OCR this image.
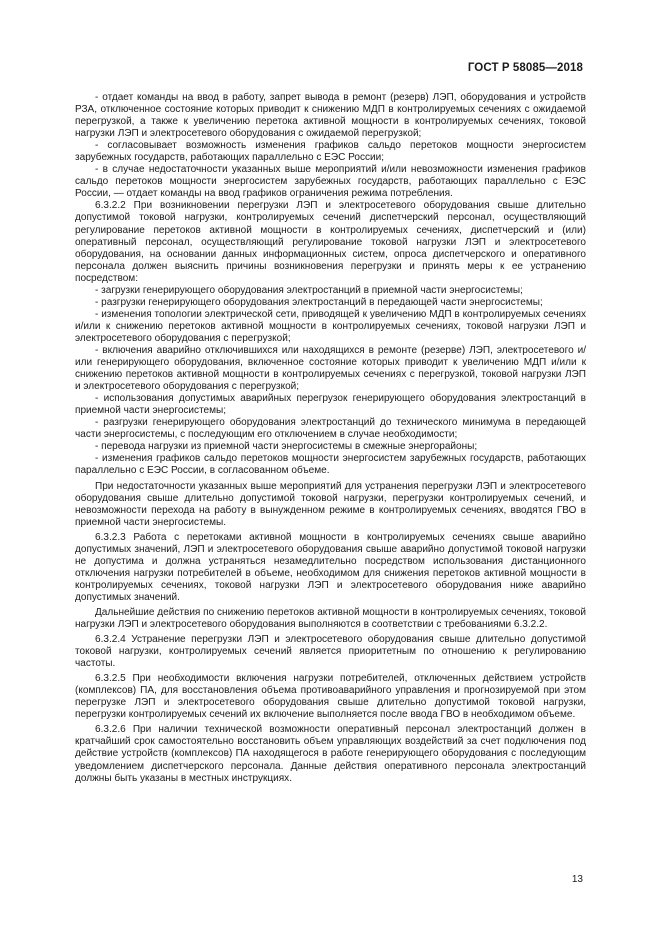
ГОСТ Р 58085—2018

- отдает команды на ввод в работу, запрет вывода в ремонт (резерв) ЛЭП, оборудования и устройств РЗА, отключенное состояние которых приводит к снижению МДП в контролируемых сечениях с ожидаемой перегрузкой, а также к увеличению перетока активной мощности в контролируемых сечениях, токовой нагрузки ЛЭП и электросетевого оборудования с ожидаемой перегрузкой;

- согласовывает возможность изменения графиков сальдо перетоков мощности энергосистем зарубежных государств, работающих параллельно с ЕЭС России;

- в случае недостаточности указанных выше мероприятий и/или невозможности изменения графиков сальдо перетоков мощности энергосистем зарубежных государств, работающих параллельно с ЕЭС России, — отдает команды на ввод графиков ограничения режима потребления.

6.3.2.2 При возникновении перегрузки ЛЭП и электросетевого оборудования свыше длительно допустимой токовой нагрузки, контролируемых сечений диспетчерский персонал, осуществляющий регулирование перетоков активной мощности в контролируемых сечениях, диспетчерский и (или) оперативный персонал, осуществляющий регулирование токовой нагрузки ЛЭП и электросетевого оборудования, на основании данных информационных систем, опроса диспетчерского и оперативного персонала должен выяснить причины возникновения перегрузки и принять меры к ее устранению посредством:

- загрузки генерирующего оборудования электростанций в приемной части энергосистемы;

- разгрузки генерирующего оборудования электростанций в передающей части энергосистемы;

- изменения топологии электрической сети, приводящей к увеличению МДП в контролируемых сечениях и/или к снижению перетоков активной мощности в контролируемых сечениях, токовой нагрузки ЛЭП и электросетевого оборудования с перегрузкой;

- включения аварийно отключившихся или находящихся в ремонте (резерве) ЛЭП, электросетевого и/или генерирующего оборудования, включенное состояние которых приводит к увеличению МДП и/или к снижению перетоков активной мощности в контролируемых сечениях с перегрузкой, токовой нагрузки ЛЭП и электросетевого оборудования с перегрузкой;

- использования допустимых аварийных перегрузок генерирующего оборудования электростанций в приемной части энергосистемы;

- разгрузки генерирующего оборудования электростанций до технического минимума в передающей части энергосистемы, с последующим его отключением в случае необходимости;

- перевода нагрузки из приемной части энергосистемы в смежные энергорайоны;

- изменения графиков сальдо перетоков мощности энергосистем зарубежных государств, работающих параллельно с ЕЭС России, в согласованном объеме.

При недостаточности указанных выше мероприятий для устранения перегрузки ЛЭП и электросетевого оборудования свыше длительно допустимой токовой нагрузки, перегрузки контролируемых сечений, и невозможности перехода на работу в вынужденном режиме в контролируемых сечениях, вводятся ГВО в приемной части энергосистемы.

6.3.2.3 Работа с перетоками активной мощности в контролируемых сечениях свыше аварийно допустимых значений, ЛЭП и электросетевого оборудования свыше аварийно допустимой токовой нагрузки не допустима и должна устраняться незамедлительно посредством использования дистанционного отключения нагрузки потребителей в объеме, необходимом для снижения перетоков активной мощности в контролируемых сечениях, токовой нагрузки ЛЭП и электросетевого оборудования ниже аварийно допустимых значений.

Дальнейшие действия по снижению перетоков активной мощности в контролируемых сечениях, токовой нагрузки ЛЭП и электросетевого оборудования выполняются в соответствии с требованиями 6.3.2.2.

6.3.2.4 Устранение перегрузки ЛЭП и электросетевого оборудования свыше длительно допустимой токовой нагрузки, контролируемых сечений является приоритетным по отношению к регулированию частоты.

6.3.2.5 При необходимости включения нагрузки потребителей, отключенных действием устройств (комплексов) ПА, для восстановления объема противоаварийного управления и прогнозируемой при этом перегрузке ЛЭП и электросетевого оборудования свыше длительно допустимой токовой нагрузки, перегрузки контролируемых сечений их включение выполняется после ввода ГВО в необходимом объеме.

6.3.2.6 При наличии технической возможности оперативный персонал электростанций должен в кратчайший срок самостоятельно восстановить объем управляющих воздействий за счет подключения под действие устройств (комплексов) ПА находящегося в работе генерирующего оборудования с последующим уведомлением диспетчерского персонала. Данные действия оперативного персонала электростанций должны быть указаны в местных инструкциях.

13
